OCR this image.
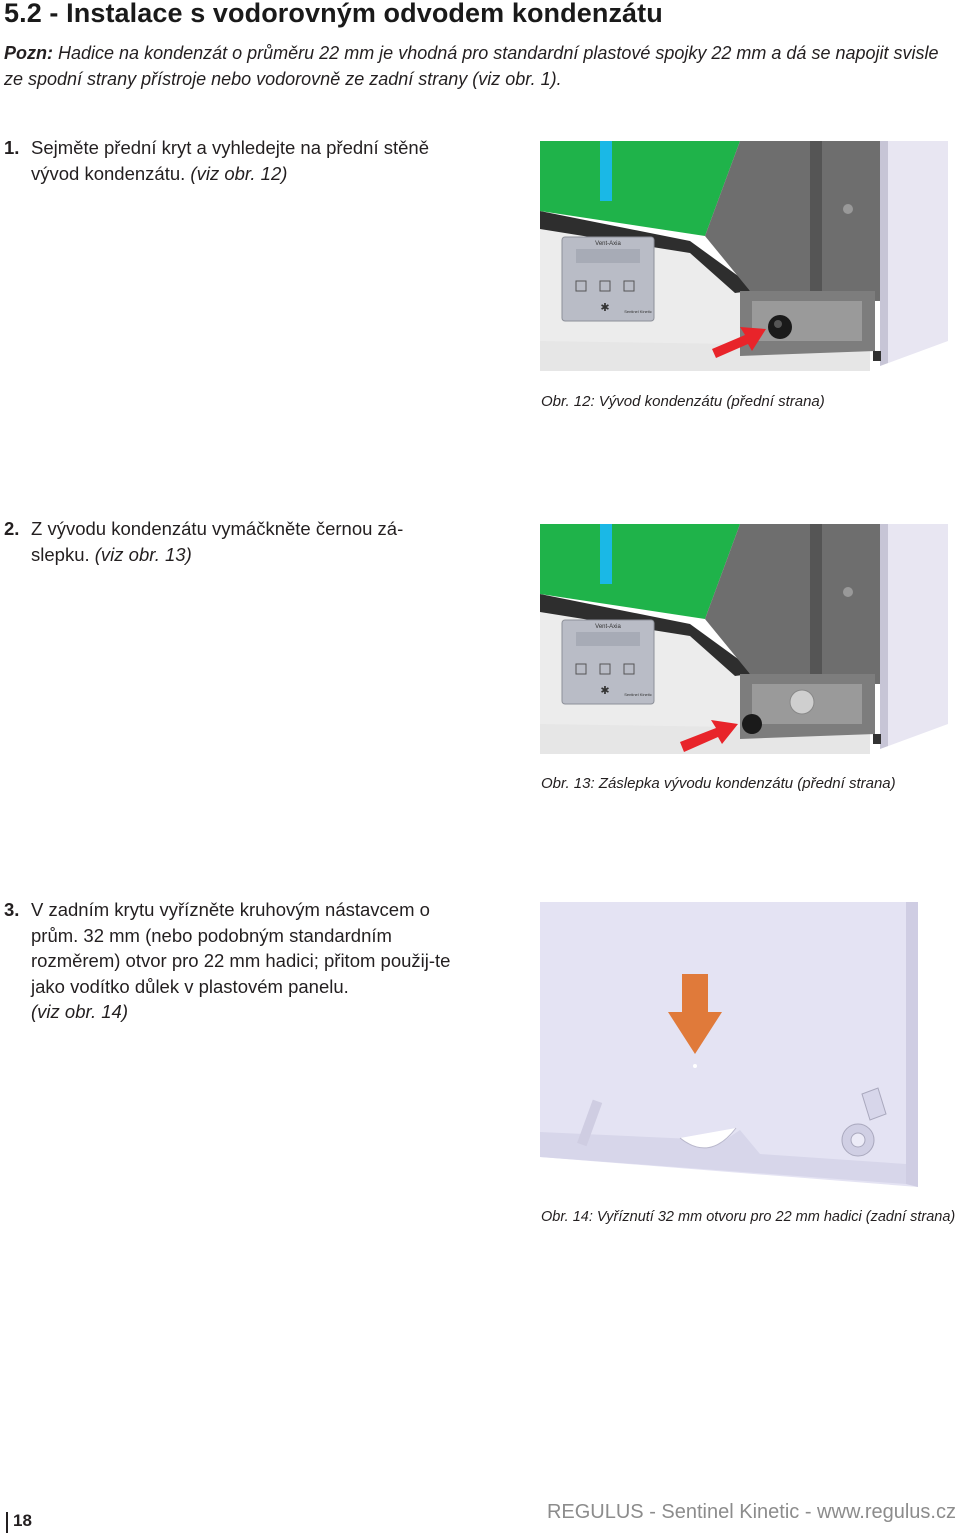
5.2 - Instalace s vodorovným odvodem kondenzátu
Pozn: Hadice na kondenzát o průměru 22 mm je vhodná pro standardní plastové spojky 22 mm a dá se napojit svisle ze spodní strany přístroje nebo vodorovně ze zadní strany (viz obr. 1).
1. Sejměte přední kryt a vyhledejte na přední stěně vývod kondenzátu. (viz obr. 12)
2. Z vývodu kondenzátu vymáčkněte černou zá-slepku. (viz obr. 13)
3. V zadním krytu vyřízněte kruhovým nástavcem o prům. 32 mm (nebo podobným standardním rozměrem) otvor pro 22 mm hadici; přitom použij-te jako vodítko důlek v plastovém panelu.
(viz obr. 14)
Vent-Axia
✱	Sentinel Kinetic
Obr. 12: Vývod kondenzátu (přední strana)
Vent-Axia
✱	Sentinel Kinetic
Obr. 13: Záslepka vývodu kondenzátu (přední strana)
Obr. 14: Vyříznutí 32 mm otvoru pro 22 mm hadici (zadní strana)
18	REGULUS - Sentinel Kinetic - www.regulus.cz
